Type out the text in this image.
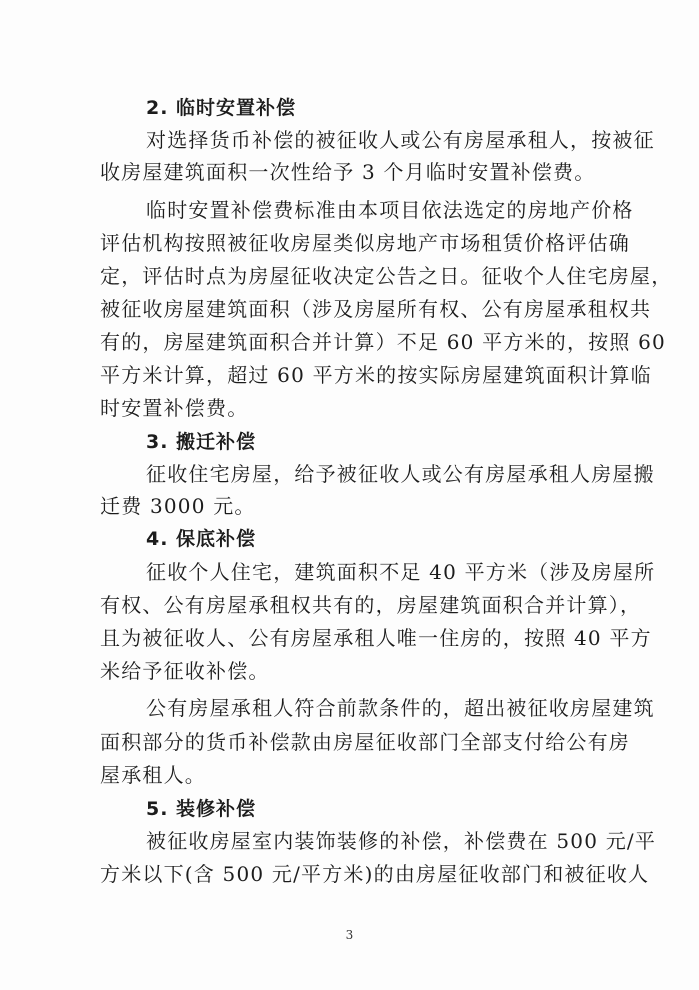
2. 临时安置补偿
对选择货币补偿的被征收人或公有房屋承租人，按被征
收房屋建筑面积一次性给予 3 个月临时安置补偿费。
临时安置补偿费标准由本项目依法选定的房地产价格
评估机构按照被征收房屋类似房地产市场租赁价格评估确
定，评估时点为房屋征收决定公告之日。征收个人住宅房屋，
被征收房屋建筑面积（涉及房屋所有权、公有房屋承租权共
有的，房屋建筑面积合并计算）不足 60 平方米的，按照 60
平方米计算，超过 60 平方米的按实际房屋建筑面积计算临
时安置补偿费。
3. 搬迁补偿
征收住宅房屋，给予被征收人或公有房屋承租人房屋搬
迁费 3000 元。
4. 保底补偿
征收个人住宅，建筑面积不足 40 平方米（涉及房屋所
有权、公有房屋承租权共有的，房屋建筑面积合并计算），
且为被征收人、公有房屋承租人唯一住房的，按照 40 平方
米给予征收补偿。
公有房屋承租人符合前款条件的，超出被征收房屋建筑
面积部分的货币补偿款由房屋征收部门全部支付给公有房
屋承租人。
5. 装修补偿
被征收房屋室内装饰装修的补偿，补偿费在 500 元/平
方米以下(含 500 元/平方米)的由房屋征收部门和被征收人
3
